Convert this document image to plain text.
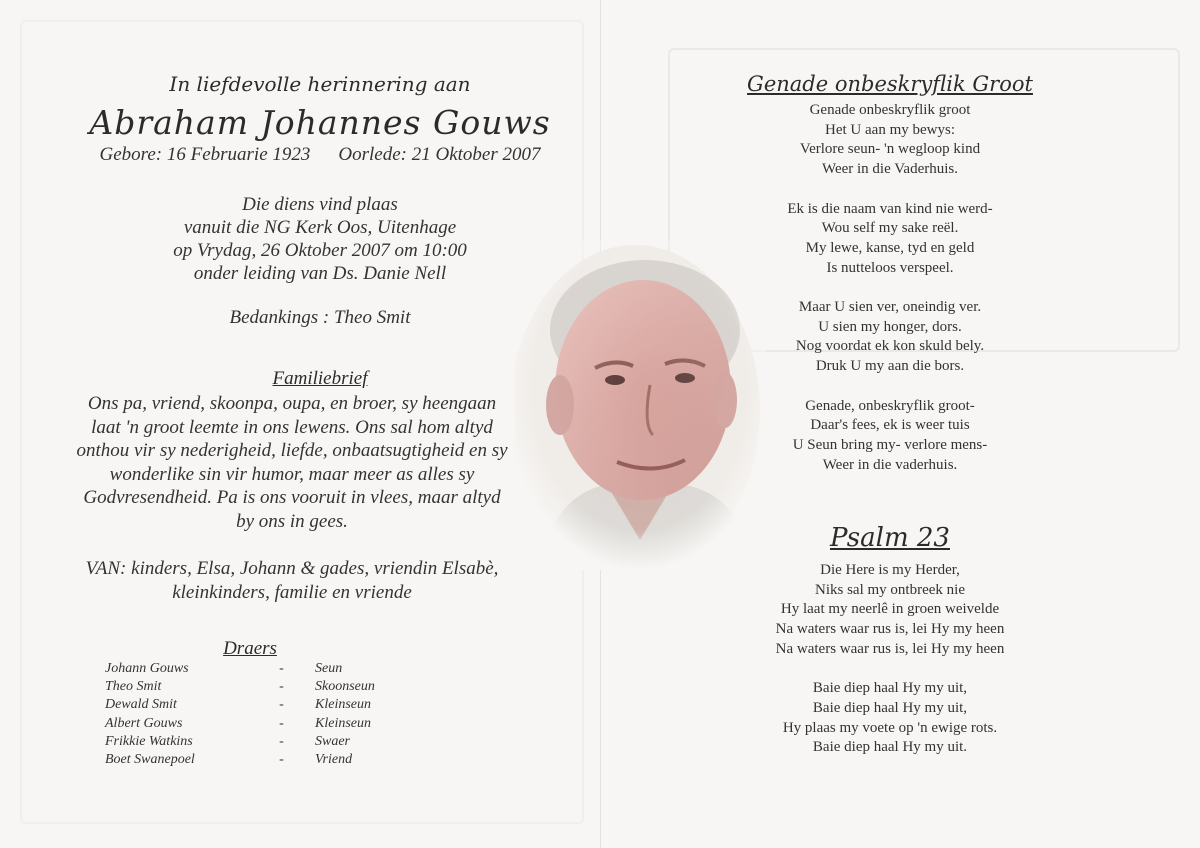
In liefdevolle herinnering aan
Abraham Johannes Gouws
Gebore: 16 Februarie 1923 Oorlede: 21 Oktober 2007
Die diens vind plaas
vanuit die NG Kerk Oos, Uitenhage
op Vrydag, 26 Oktober 2007 om 10:00
onder leiding van Ds. Danie Nell
Bedankings : Theo Smit
Familiebrief
Ons pa, vriend, skoonpa, oupa, en broer, sy heengaan
laat 'n groot leemte in ons lewens. Ons sal hom altyd
onthou vir sy nederigheid, liefde, onbaatsugtigheid en sy
wonderlike sin vir humor, maar meer as alles sy
Godvresendheid. Pa is ons vooruit in vlees, maar altyd
by ons in gees.
VAN: kinders, Elsa, Johann & gades, vriendin Elsabè,
kleinkinders, familie en vriende
Draers
Johann Gouws	-	Seun
Theo Smit	-	Skoonseun
Dewald Smit	-	Kleinseun
Albert Gouws	-	Kleinseun
Frikkie Watkins	-	Swaer
Boet Swanepoel	-	Vriend
Genade onbeskryflik Groot
Genade onbeskryflik groot
Het U aan my bewys:
Verlore seun- 'n wegloop kind
Weer in die Vaderhuis.
Ek is die naam van kind nie werd-
Wou self my sake reël.
My lewe, kanse, tyd en geld
Is nutteloos verspeel.
Maar U sien ver, oneindig ver.
U sien my honger, dors.
Nog voordat ek kon skuld bely.
Druk U my aan die bors.
Genade, onbeskryflik groot-
Daar's fees, ek is weer tuis
U Seun bring my- verlore mens-
Weer in die vaderhuis.
Psalm 23
Die Here is my Herder,
Niks sal my ontbreek nie
Hy laat my neerlê in groen weivelde
Na waters waar rus is, lei Hy my heen
Na waters waar rus is, lei Hy my heen
Baie diep haal Hy my uit,
Baie diep haal Hy my uit,
Hy plaas my voete op 'n ewige rots.
Baie diep haal Hy my uit.
